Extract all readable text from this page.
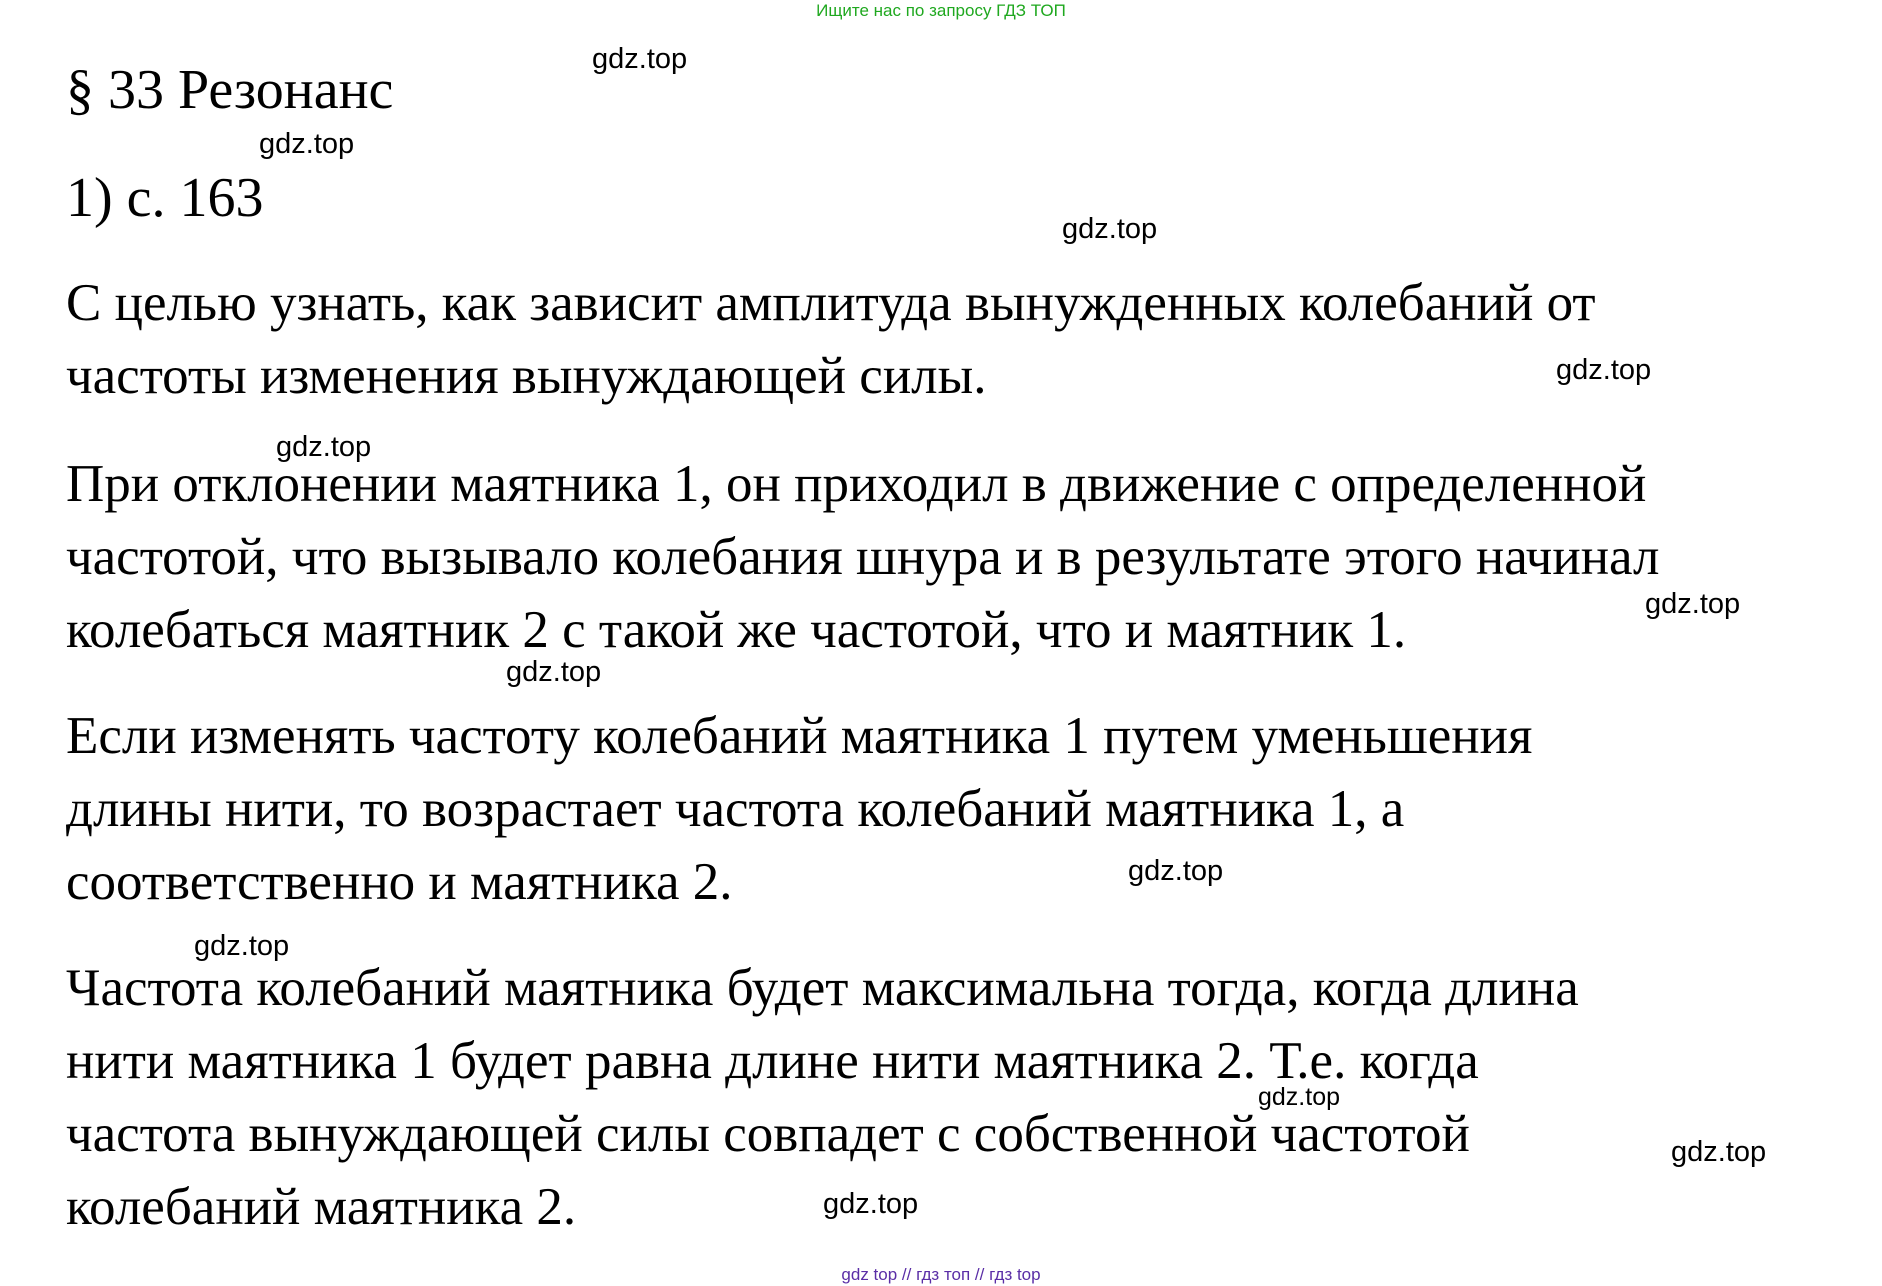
Ищите нас по запросу ГДЗ ТОП
§ 33 Резонанс
1) с. 163
С целью узнать, как зависит амплитуда вынужденных колебаний от
частоты изменения вынуждающей силы.
При отклонении маятника 1, он приходил в движение с определенной
частотой, что вызывало колебания шнура и в результате этого начинал
колебаться маятник 2 с такой же частотой, что и маятник 1.
Если изменять частоту колебаний маятника 1 путем уменьшения
длины нити, то возрастает частота колебаний маятника 1, а
соответственно и маятника 2.
Частота колебаний маятника будет максимальна тогда, когда длина
нити маятника 1 будет равна длине нити маятника 2. Т.е. когда
частота вынуждающей силы совпадет с собственной частотой
колебаний маятника 2.
gdz.top
gdz.top
gdz.top
gdz.top
gdz.top
gdz.top
gdz.top
gdz.top
gdz.top
gdz.top
gdz.top
gdz.top
gdz top // гдз топ // гдз top
